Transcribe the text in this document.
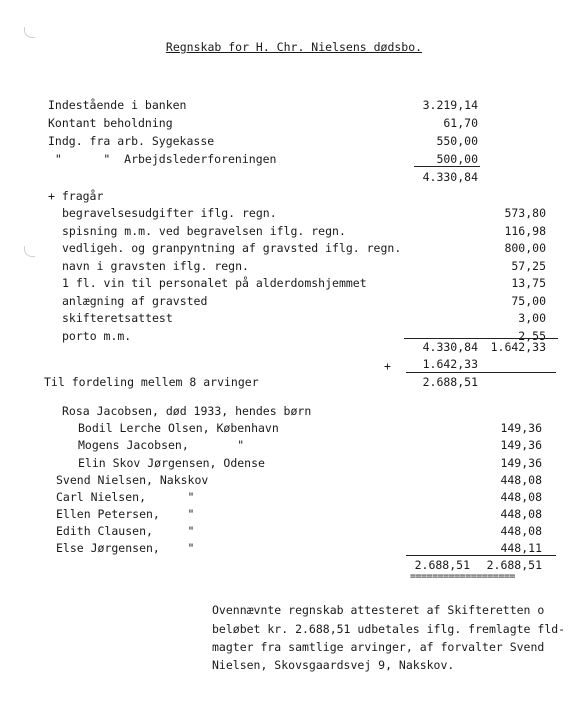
Regnskab for H. Chr. Nielsens dødsbo.
Indestående i banken	3.219,14
Kontant beholdning	61,70
Indg. fra arb. Sygekasse	550,00
"      "  Arbejdslederforeningen	500,00
4.330,84
+ fragår
begravelsesudgifter iflg. regn.	573,80
spisning m.m. ved begravelsen iflg. regn.	116,98
vedligeh. og granpyntning af gravsted iflg. regn.	800,00
navn i gravsten iflg. regn.	57,25
1 fl. vin til personalet på alderdomshjemmet	13,75
anlægning af gravsted	75,00
skifteretsattest	3,00
porto m.m.	2,55
4.330,84	1.642,33
+	1.642,33
Til fordeling mellem 8 arvinger	2.688,51
Rosa Jacobsen, død 1933, hendes børn
Bodil Lerche Olsen, København	149,36
Mogens Jacobsen,       "	149,36
Elin Skov Jørgensen, Odense	149,36
Svend Nielsen, Nakskov	448,08
Carl Nielsen,      "	448,08
Ellen Petersen,    "	448,08
Edith Clausen,     "	448,08
Else Jørgensen,    "	448,11
2.688,51	2.688,51
===================
Ovennævnte regnskab attesteret af Skifteretten o
beløbet kr. 2.688,51 udbetales iflg. fremlagte fld-
magter fra samtlige arvinger, af forvalter Svend
Nielsen, Skovsgaardsvej 9, Nakskov.
